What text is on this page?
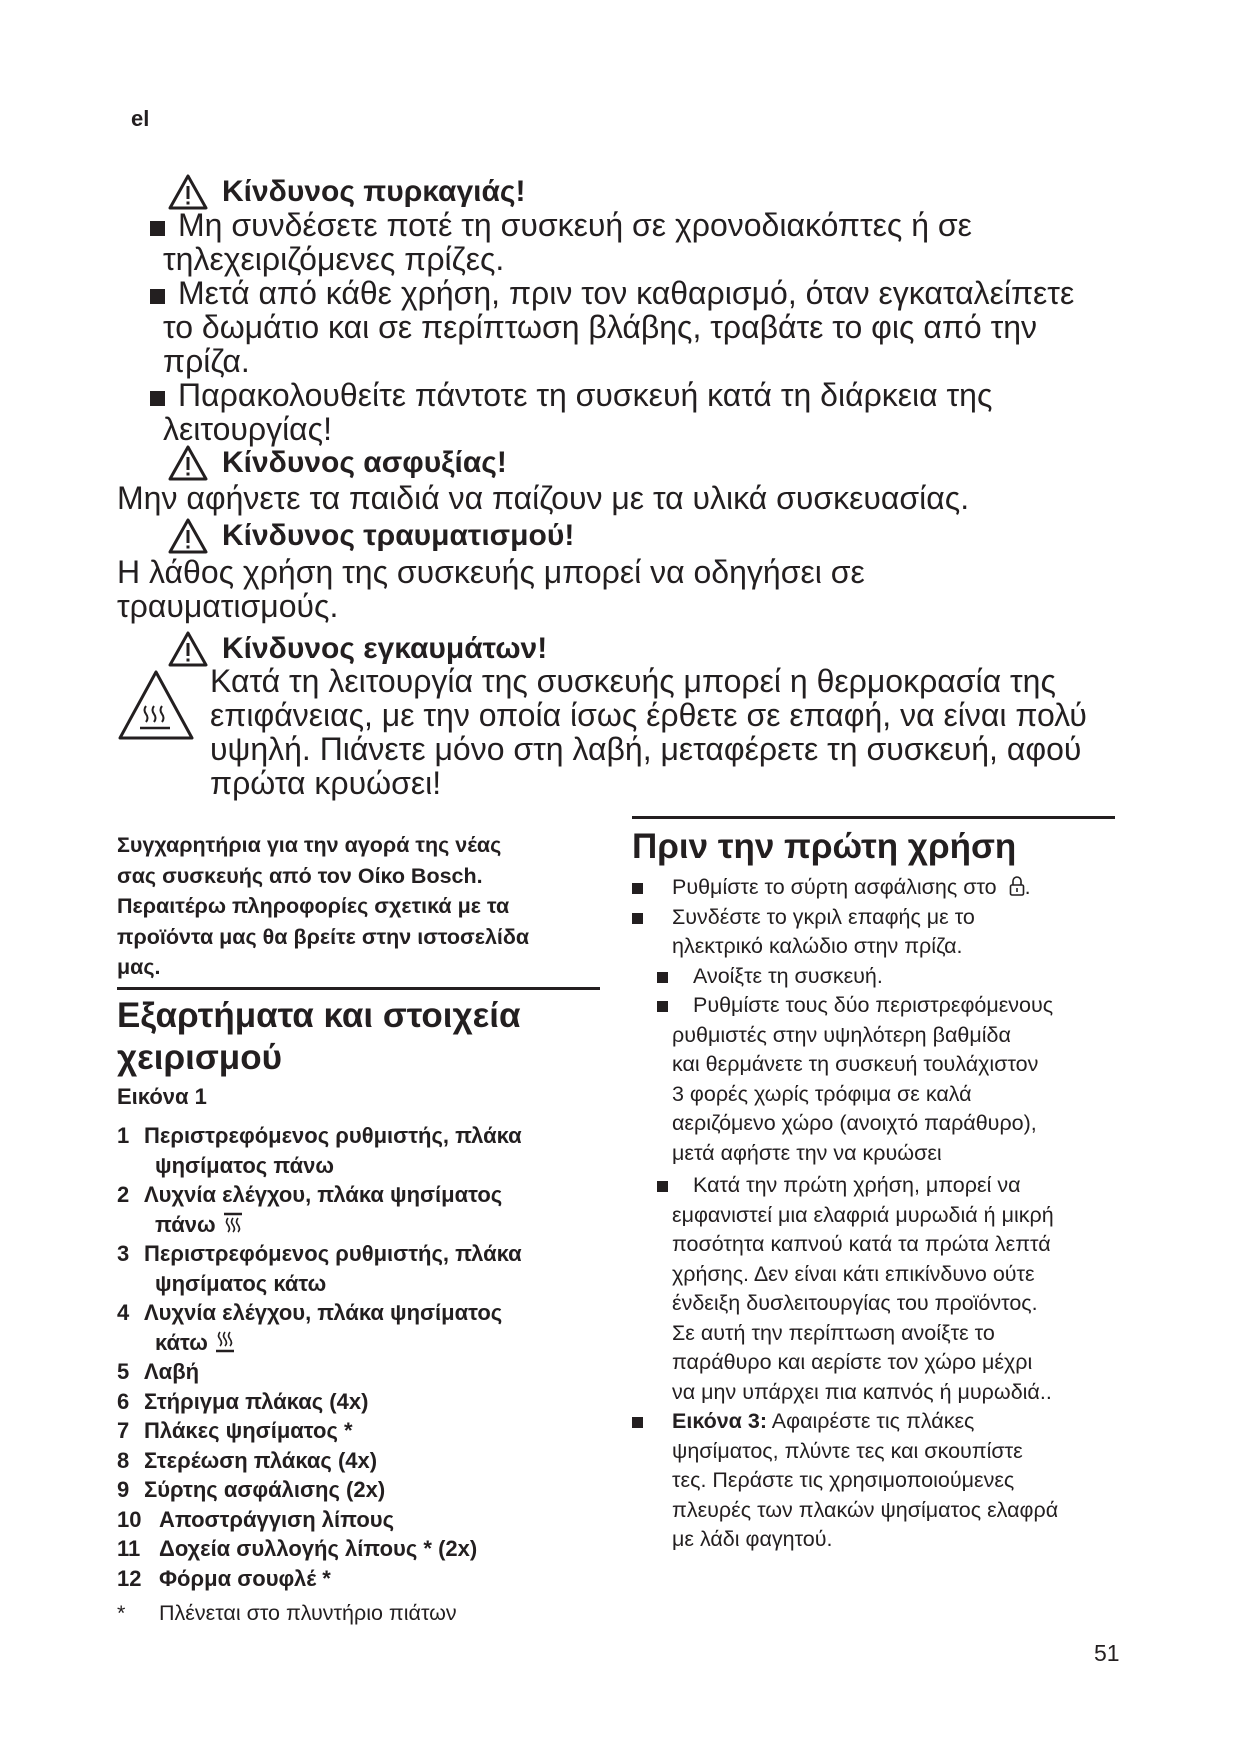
el
Κίνδυνος πυρκαγιάς!
Μη συνδέσετε ποτέ τη συσκευή σε χρονοδιακόπτες ή σε
τηλεχειριζόμενες πρίζες.
Μετά από κάθε χρήση, πριν τον καθαρισμό, όταν εγκαταλείπετε
το δωμάτιο και σε περίπτωση βλάβης, τραβάτε το φις από την
πρίζα.
Παρακολουθείτε πάντοτε τη συσκευή κατά τη διάρκεια της
λειτουργίας!
Κίνδυνος ασφυξίας!
Μην αφήνετε τα παιδιά να παίζουν με τα υλικά συσκευασίας.
Κίνδυνος τραυματισμού!
Η λάθος χρήση της συσκευής μπορεί να οδηγήσει σε
τραυματισμούς.
Κίνδυνος εγκαυμάτων!
Κατά τη λειτουργία της συσκευής μπορεί η θερμοκρασία της
επιφάνειας, με την οποία ίσως έρθετε σε επαφή, να είναι πολύ
υψηλή. Πιάνετε μόνο στη λαβή, μεταφέρετε τη συσκευή, αφού
πρώτα κρυώσει!
Συγχαρητήρια για την αγορά της νέας
σας συσκευής από τον Οίκο Bosch.
Περαιτέρω πληροφορίες σχετικά με τα
προϊόντα μας θα βρείτε στην ιστοσελίδα
μας.
Εξαρτήματα και στοιχεία
χειρισμού
Εικόνα 1
1 Περιστρεφόμενος ρυθμιστής, πλάκα
ψησίματος πάνω
2 Λυχνία ελέγχου, πλάκα ψησίματος
πάνω
3 Περιστρεφόμενος ρυθμιστής, πλάκα
ψησίματος κάτω
4 Λυχνία ελέγχου, πλάκα ψησίματος
κάτω
5 Λαβή
6 Στήριγμα πλάκας (4x)
7 Πλάκες ψησίματος *
8 Στερέωση πλάκας (4x)
9 Σύρτης ασφάλισης (2x)
10 Αποστράγγιση λίπους
11 Δοχεία συλλογής λίπους * (2x)
12 Φόρμα σουφλέ *
* Πλένεται στο πλυντήριο πιάτων
Πριν την πρώτη χρήση
Ρυθμίστε το σύρτη ασφάλισης στο .
Συνδέστε το γκριλ επαφής με το
ηλεκτρικό καλώδιο στην πρίζα.
Ανοίξτε τη συσκευή.
Ρυθμίστε τους δύο περιστρεφόμενους
ρυθμιστές στην υψηλότερη βαθμίδα
και θερμάνετε τη συσκευή τουλάχιστον
3 φορές χωρίς τρόφιμα σε καλά
αεριζόμενο χώρο (ανοιχτό παράθυρο),
μετά αφήστε την να κρυώσει
Κατά την πρώτη χρήση, μπορεί να
εμφανιστεί μια ελαφριά μυρωδιά ή μικρή
ποσότητα καπνού κατά τα πρώτα λεπτά
χρήσης. Δεν είναι κάτι επικίνδυνο ούτε
ένδειξη δυσλειτουργίας του προϊόντος.
Σε αυτή την περίπτωση ανοίξτε το
παράθυρο και αερίστε τον χώρο μέχρι
να μην υπάρχει πια καπνός ή μυρωδιά..
Εικόνα 3: Αφαιρέστε τις πλάκες
ψησίματος, πλύντε τες και σκουπίστε
τες. Περάστε τις χρησιμοποιούμενες
πλευρές των πλακών ψησίματος ελαφρά
με λάδι φαγητού.
51
